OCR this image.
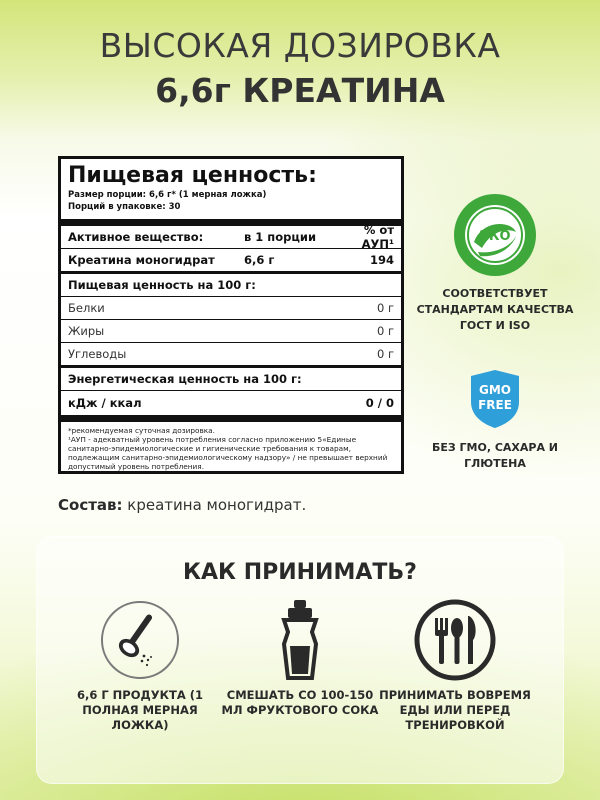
ВЫСОКАЯ ДОЗИРОВКА
6,6г КРЕАТИНА
Пищевая ценность:
Размер порции: 6,6 г* (1 мерная ложка)
Порций в упаковке: 30
Активное вещество:	в 1 порции	% от АУП¹
Креатина моногидрат	6,6 г	194
Пищевая ценность на 100 г:
Белки	0 г
Жиры	0 г
Углеводы	0 г
Энергетическая ценность на 100 г:
кДж / ккал	0 / 0
*рекомендуемая суточная дозировка.
¹АУП - адекватный уровень потребления согласно приложению 5«Единые санитарно-эпидемиологические и гигиенические требования к товарам, подлежащим санитарно-эпидемиологическому надзору» / не превышает верхний допустимый уровень потребления.
ЭКО
СООТВЕТСТВУЕТ СТАНДАРТАМ КАЧЕСТВА ГОСТ И ISO
GMO
FREE
БЕЗ ГМО, САХАРА И ГЛЮТЕНА
Состав: креатина моногидрат.
КАК ПРИНИМАТЬ?
6,6 Г ПРОДУКТА (1 ПОЛНАЯ МЕРНАЯ ЛОЖКА)
СМЕШАТЬ СО 100-150 МЛ ФРУКТОВОГО СОКА
ПРИНИМАТЬ ВОВРЕМЯ ЕДЫ ИЛИ ПЕРЕД ТРЕНИРОВКОЙ
